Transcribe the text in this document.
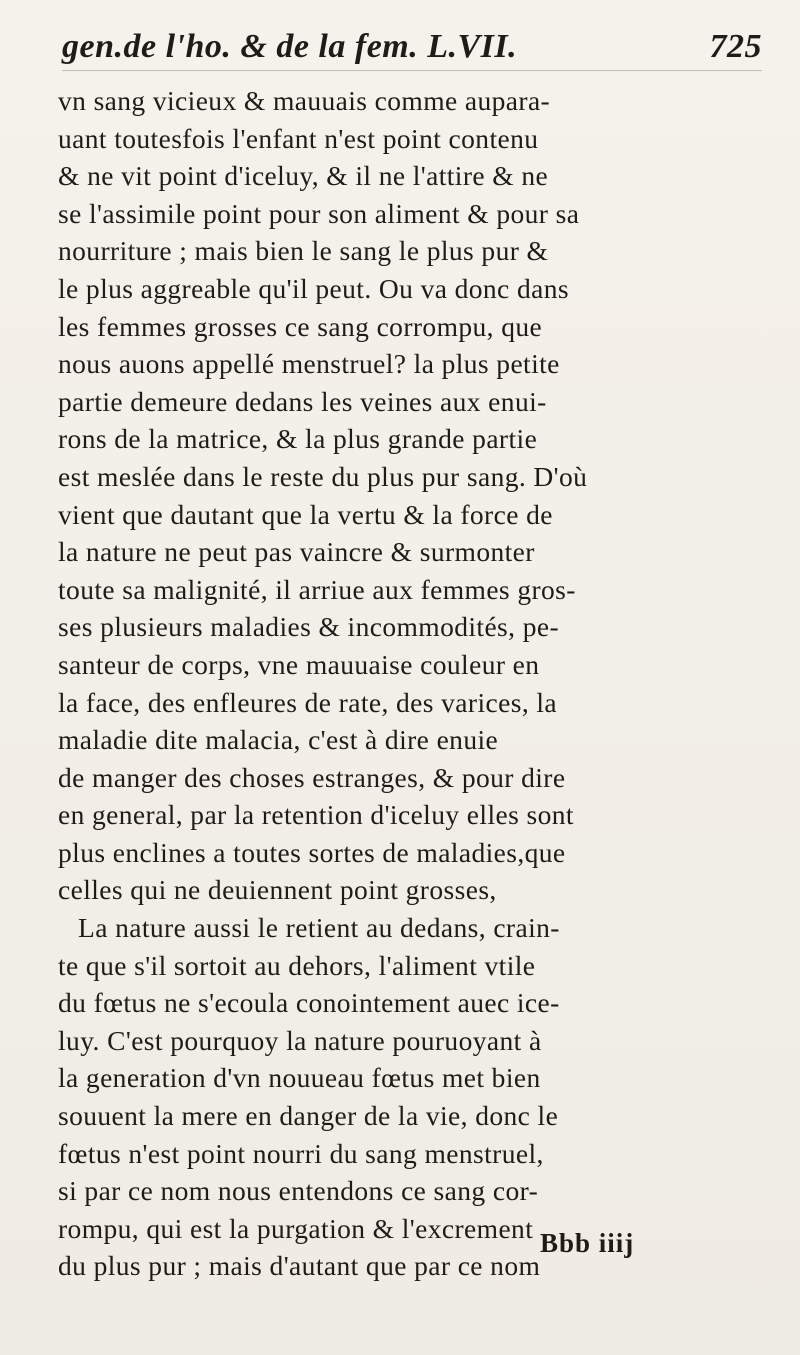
gen.de l'ho. & de la fem. L.VII.	725
vn sang vicieux & mauuais comme aupara-
uant toutesfois l'enfant n'est point contenu
& ne vit point d'iceluy, & il ne l'attire & ne
se l'assimile point pour son aliment & pour sa
nourriture ; mais bien le sang le plus pur &
le plus aggreable qu'il peut. Ou va donc dans
les femmes grosses ce sang corrompu, que
nous auons appellé menstruel? la plus petite
partie demeure dedans les veines aux enui-
rons de la matrice, & la plus grande partie
est meslée dans le reste du plus pur sang. D'où
vient que dautant que la vertu & la force de
la nature ne peut pas vaincre & surmonter
toute sa malignité, il arriue aux femmes gros-
ses plusieurs maladies & incommodités, pe-
santeur de corps, vne mauuaise couleur en
la face, des enfleures de rate, des varices, la
maladie dite malacia, c'est à dire enuie
de manger des choses estranges, & pour dire
en general, par la retention d'iceluy elles sont
plus enclines a toutes sortes de maladies,que
celles qui ne deuiennent point grosses,
La nature aussi le retient au dedans, crain-
te que s'il sortoit au dehors, l'aliment vtile
du fœtus ne s'ecoula conointement auec ice-
luy. C'est pourquoy la nature pouruoyant à
la generation d'vn nouueau fœtus met bien
souuent la mere en danger de la vie, donc le
fœtus n'est point nourri du sang menstruel,
si par ce nom nous entendons ce sang cor-
rompu, qui est la purgation & l'excrement
du plus pur ; mais d'autant que par ce nom
Bbb iiij
